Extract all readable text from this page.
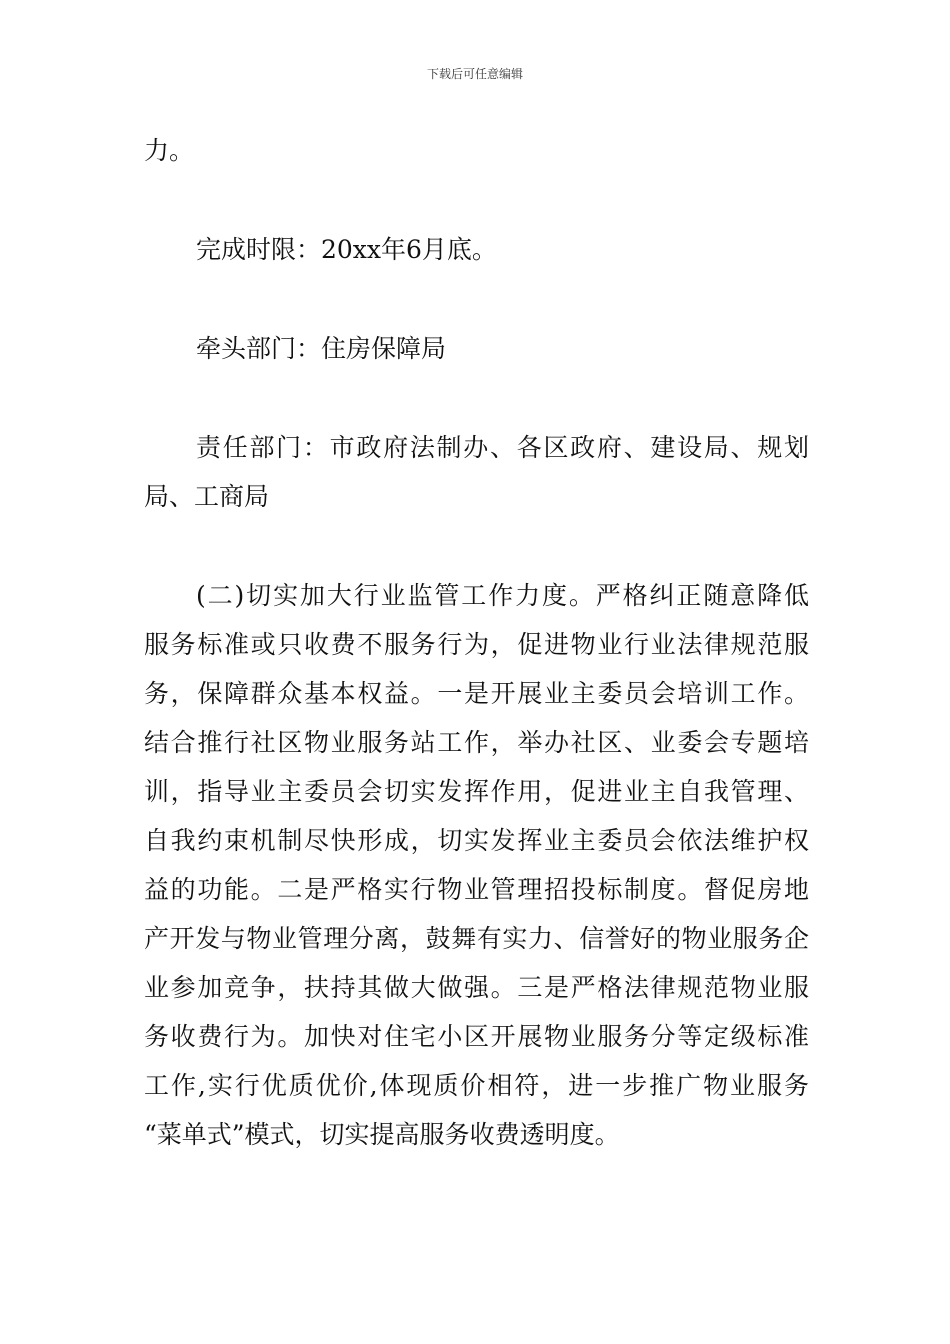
下载后可任意编辑
力。
完成时限：20xx年6月底。
牵头部门：住房保障局
责任部门：市政府法制办、各区政府、建设局、规划
局、工商局
(二)切实加大行业监管工作力度。严格纠正随意降低
服务标准或只收费不服务行为，促进物业行业法律规范服
务，保障群众基本权益。一是开展业主委员会培训工作。
结合推行社区物业服务站工作，举办社区、业委会专题培
训，指导业主委员会切实发挥作用，促进业主自我管理、
自我约束机制尽快形成，切实发挥业主委员会依法维护权
益的功能。二是严格实行物业管理招投标制度。督促房地
产开发与物业管理分离，鼓舞有实力、信誉好的物业服务企
业参加竞争，扶持其做大做强。三是严格法律规范物业服
务收费行为。加快对住宅小区开展物业服务分等定级标准
工作,实行优质优价,体现质价相符，进一步推广物业服务
“菜单式”模式，切实提高服务收费透明度。
